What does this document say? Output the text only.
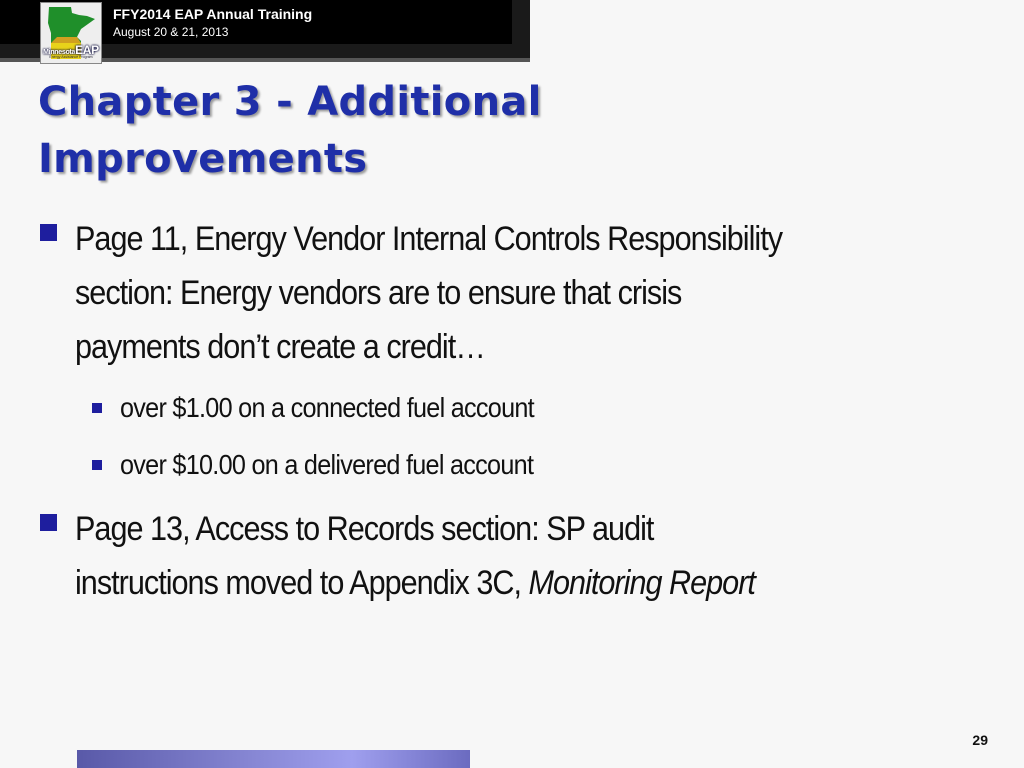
MinnesotaEAP
Energy Assistance Program
FFY2014 EAP Annual Training
August 20 & 21, 2013
Chapter 3 - Additional
Improvements
Page 11, Energy Vendor Internal Controls Responsibility
section: Energy vendors are to ensure that crisis
payments don’t create a credit…
over $1.00 on a connected fuel account
over $10.00 on a delivered fuel account
Page 13, Access to Records section: SP audit
instructions moved to Appendix 3C, Monitoring Report
29
